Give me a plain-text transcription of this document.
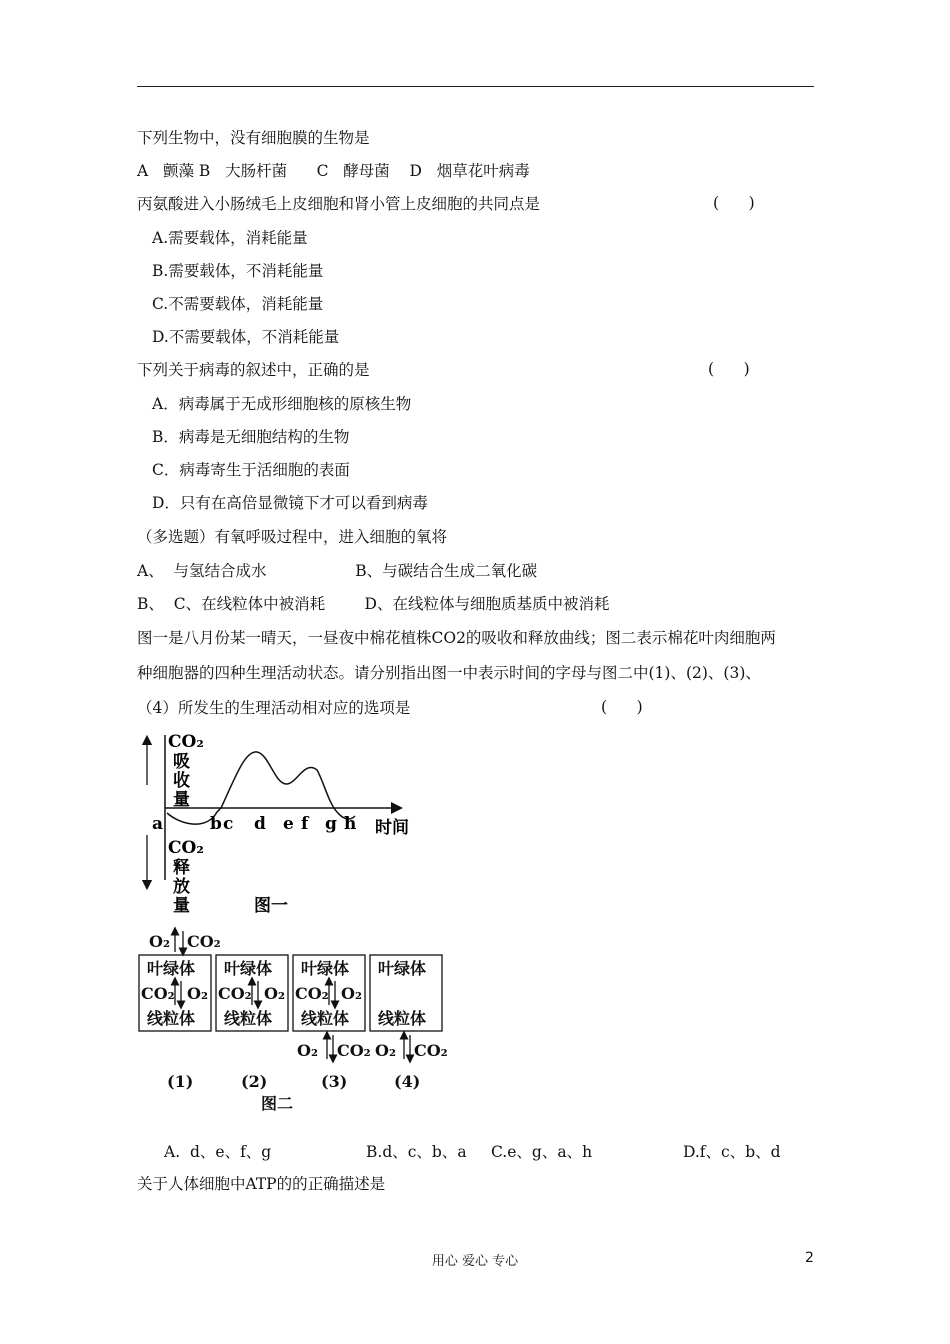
下列生物中，没有细胞膜的生物是
A   颤藻 B   大肠杆菌      C   酵母菌    D   烟草花叶病毒
丙氨酸进入小肠绒毛上皮细胞和肾小管上皮细胞的共同点是	(      )
A.需要载体，消耗能量
B.需要载体，不消耗能量
C.不需要载体，消耗能量
D.不需要载体，不消耗能量
下列关于病毒的叙述中，正确的是	(      )
A．病毒属于无成形细胞核的原核生物
B．病毒是无细胞结构的生物
C．病毒寄生于活细胞的表面
D．只有在高倍显微镜下才可以看到病毒
（多选题）有氧呼吸过程中，进入细胞的氧将
A、  与氢结合成水                  B、与碳结合生成二氧化碳
B、  C、在线粒体中被消耗        D、在线粒体与细胞质基质中被消耗
图一是八月份某一晴天，一昼夜中棉花植株CO2的吸收和释放曲线；图二表示棉花叶肉细胞两
种细胞器的四种生理活动状态。请分别指出图一中表示时间的字母与图二中(1)、(2)、(3)、
（4）所发生的生理活动相对应的选项是	(      )
CO₂
吸
收
量
CO₂
释
放
量
a	b c d e f g h 时间
图一
O₂ CO₂
叶绿体
CO₂ O₂
线粒体
叶绿体
CO₂ O₂
线粒体
叶绿体
CO₂ O₂
线粒体
叶绿体
线粒体
O₂ CO₂ O₂ CO₂
(1)	(2)	(3)	(4)
图二
A.  d、e、f、g	B.d、c、b、a C.e、g、a、h	D.f、c、b、d
关于人体细胞中ATP的的正确描述是
用心 爱心 专心	2
